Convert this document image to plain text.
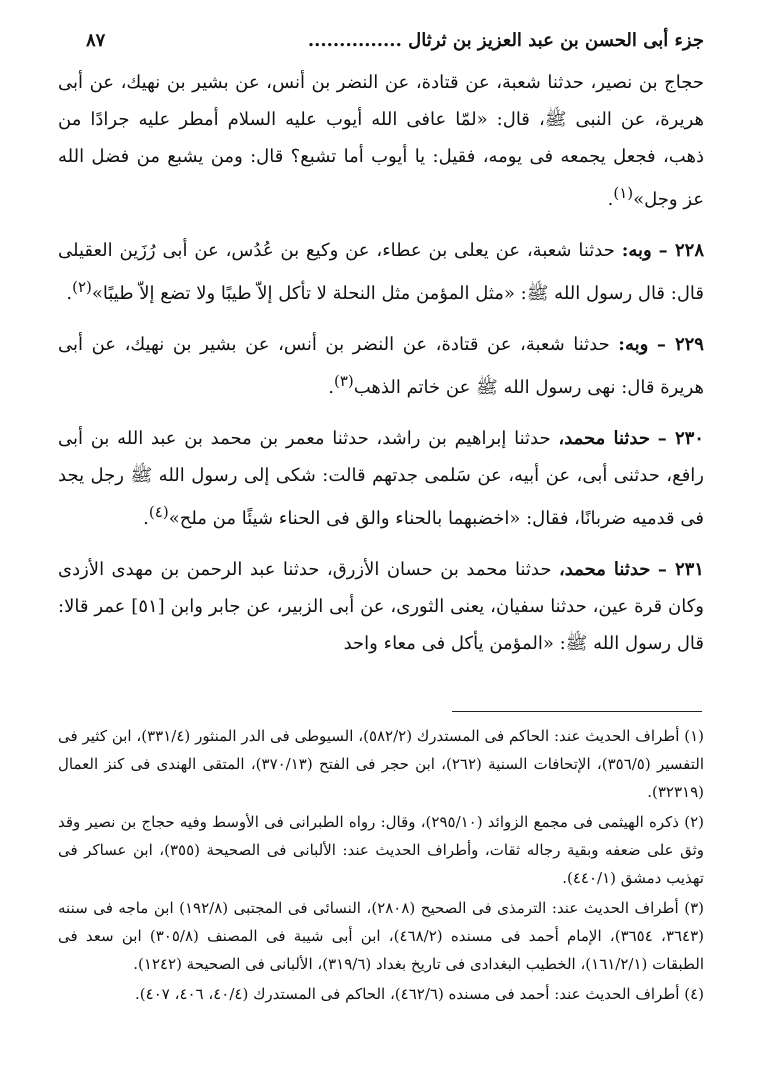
جزء أبى الحسن بن عبد العزيز بن ثرثال ...............
٨٧

حجاج بن نصير، حدثنا شعبة، عن قتادة، عن النضر بن أنس، عن بشير بن نهيك، عن أبى هريرة، عن النبى ﷺ، قال: «لمّا عافى الله أيوب عليه السلام أمطر عليه جرادًا من ذهب، فجعل يجمعه فى يومه، فقيل: يا أيوب أما تشبع؟ قال: ومن يشبع من فضل الله عز وجل»$^{(١)}$.

٢٢٨ – وبه: حدثنا شعبة، عن يعلى بن عطاء، عن وكيع بن عُدُس، عن أبى رُزَين العقيلى قال: قال رسول الله ﷺ: «مثل المؤمن مثل النحلة لا تأكل إلاّ طيبًا ولا تضع إلاّ طيبًا»$^{(٢)}$.

٢٢٩ – وبه: حدثنا شعبة، عن قتادة، عن النضر بن أنس، عن بشير بن نهيك، عن أبى هريرة قال: نهى رسول الله ﷺ عن خاتم الذهب$^{(٣)}$.

٢٣٠ – حدثنا محمد، حدثنا إبراهيم بن راشد، حدثنا معمر بن محمد بن عبد الله بن أبى رافع، حدثنى أبى، عن أبيه، عن سَلمى جدتهم قالت: شكى إلى رسول الله ﷺ رجل يجد فى قدميه ضربانًا، فقال: «اخضبهما بالحناء والق فى الحناء شيئًا من ملح»$^{(٤)}$.

٢٣١ – حدثنا محمد، حدثنا محمد بن حسان الأزرق، حدثنا عبد الرحمن بن مهدى الأزدى وكان قرة عين، حدثنا سفيان، يعنى الثورى، عن أبى الزبير، عن جابر وابن [٥١] عمر قالا: قال رسول الله ﷺ: «المؤمن يأكل فى معاء واحد

(١) أطراف الحديث عند: الحاكم فى المستدرك (٥٨٢/٢)، السيوطى فى الدر المنثور (٣٣١/٤)، ابن كثير فى التفسير (٣٥٦/٥)، الإتحافات السنية (٢٦٢)، ابن حجر فى الفتح (٣٧٠/١٣)، المتقى الهندى فى كنز العمال (٣٢٣١٩).

(٢) ذكره الهيثمى فى مجمع الزوائد (٢٩٥/١٠)، وقال: رواه الطبرانى فى الأوسط وفيه حجاج بن نصير وقد وثق على ضعفه وبقية رجاله ثقات، وأطراف الحديث عند: الألبانى فى الصحيحة (٣٥٥)، ابن عساكر فى تهذيب دمشق (٤٤٠/١).

(٣) أطراف الحديث عند: الترمذى فى الصحيح (٢٨٠٨)، النسائى فى المجتبى (١٩٢/٨) ابن ماجه فى سننه (٣٦٤٣، ٣٦٥٤)، الإمام أحمد فى مسنده (٤٦٨/٢)، ابن أبى شيبة فى المصنف (٣٠٥/٨) ابن سعد فى الطبقات (١٦١/٢/١)، الخطيب البغدادى فى تاريخ بغداد (٣١٩/٦)، الألبانى فى الصحيحة (١٢٤٢).

(٤) أطراف الحديث عند: أحمد فى مسنده (٤٦٢/٦)، الحاكم فى المستدرك (٤٠/٤، ٤٠٦، ٤٠٧).
